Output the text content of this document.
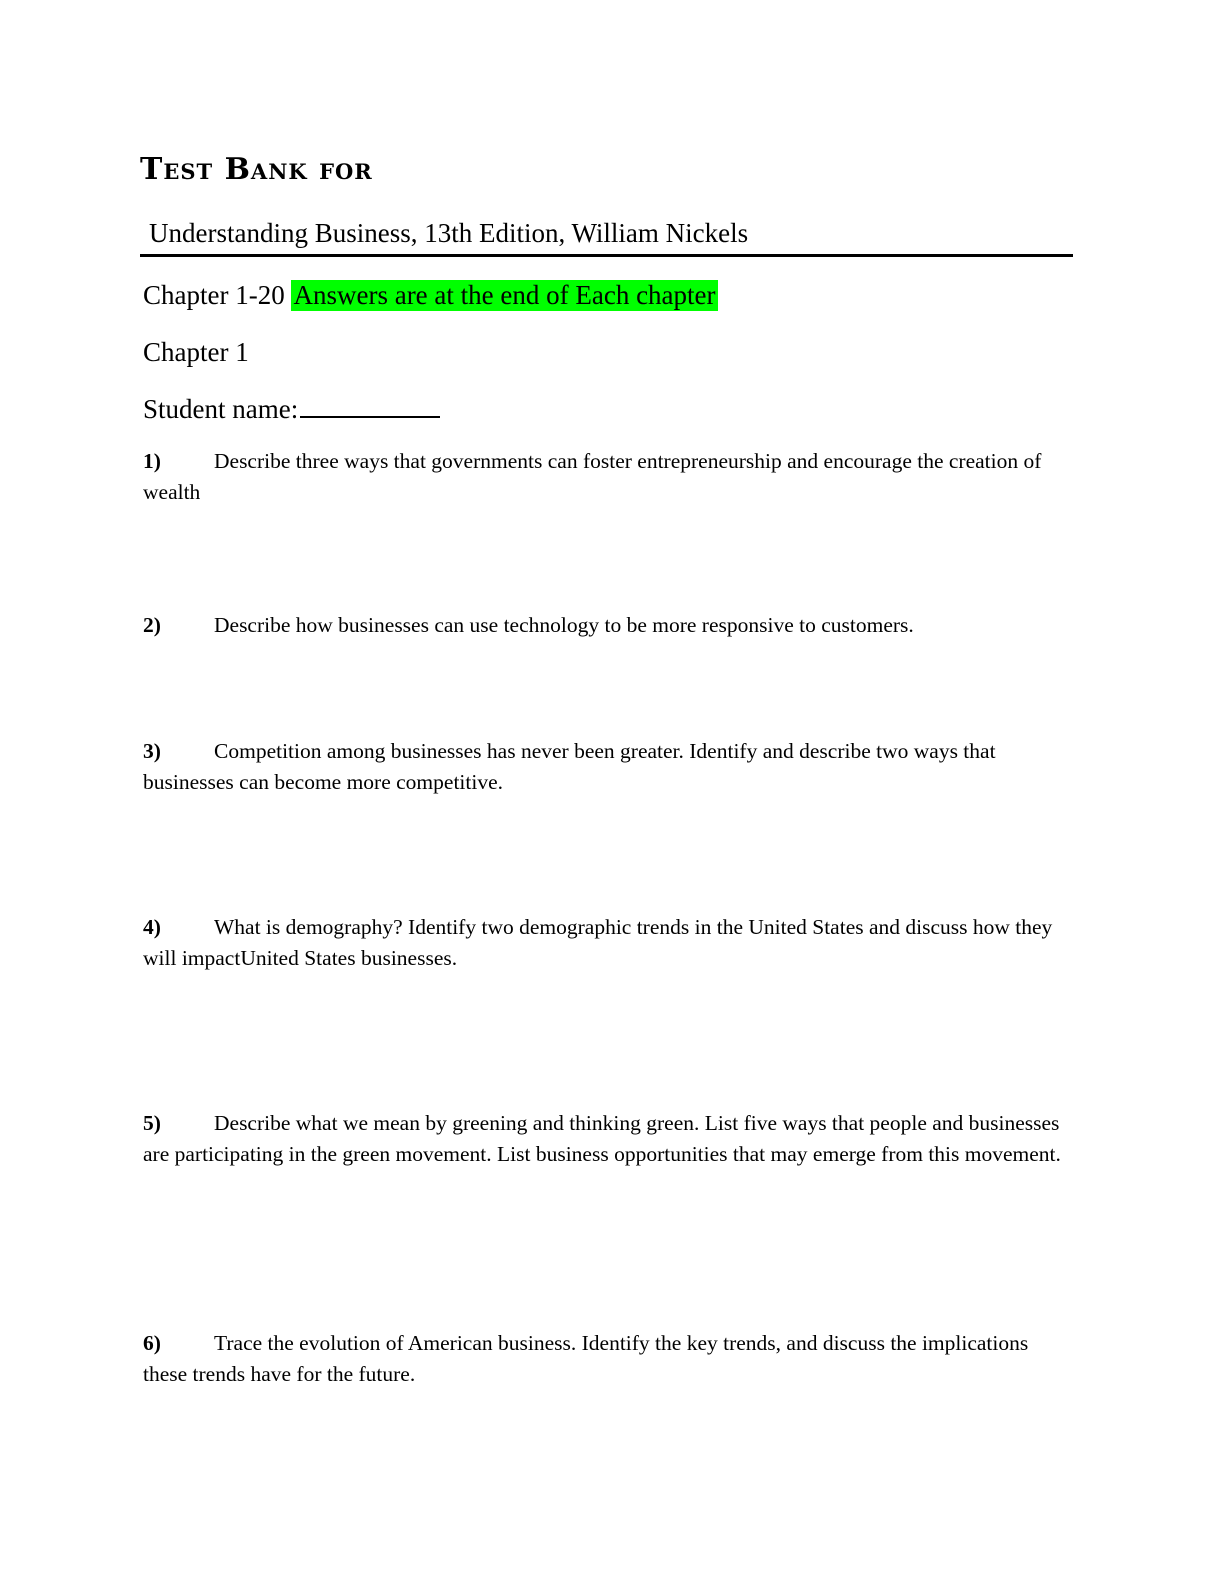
Test Bank for
Understanding Business, 13th Edition, William Nickels
Chapter 1-20 Answers are at the end of Each chapter
Chapter 1
Student name:
1) Describe three ways that governments can foster entrepreneurship and encourage the creation of wealth
2) Describe how businesses can use technology to be more responsive to customers.
3) Competition among businesses has never been greater. Identify and describe two ways that businesses can become more competitive.
4) What is demography? Identify two demographic trends in the United States and discuss how they will impactUnited States businesses.
5) Describe what we mean by greening and thinking green. List five ways that people and businesses are participating in the green movement. List business opportunities that may emerge from this movement.
6) Trace the evolution of American business. Identify the key trends, and discuss the implications these trends have for the future.
